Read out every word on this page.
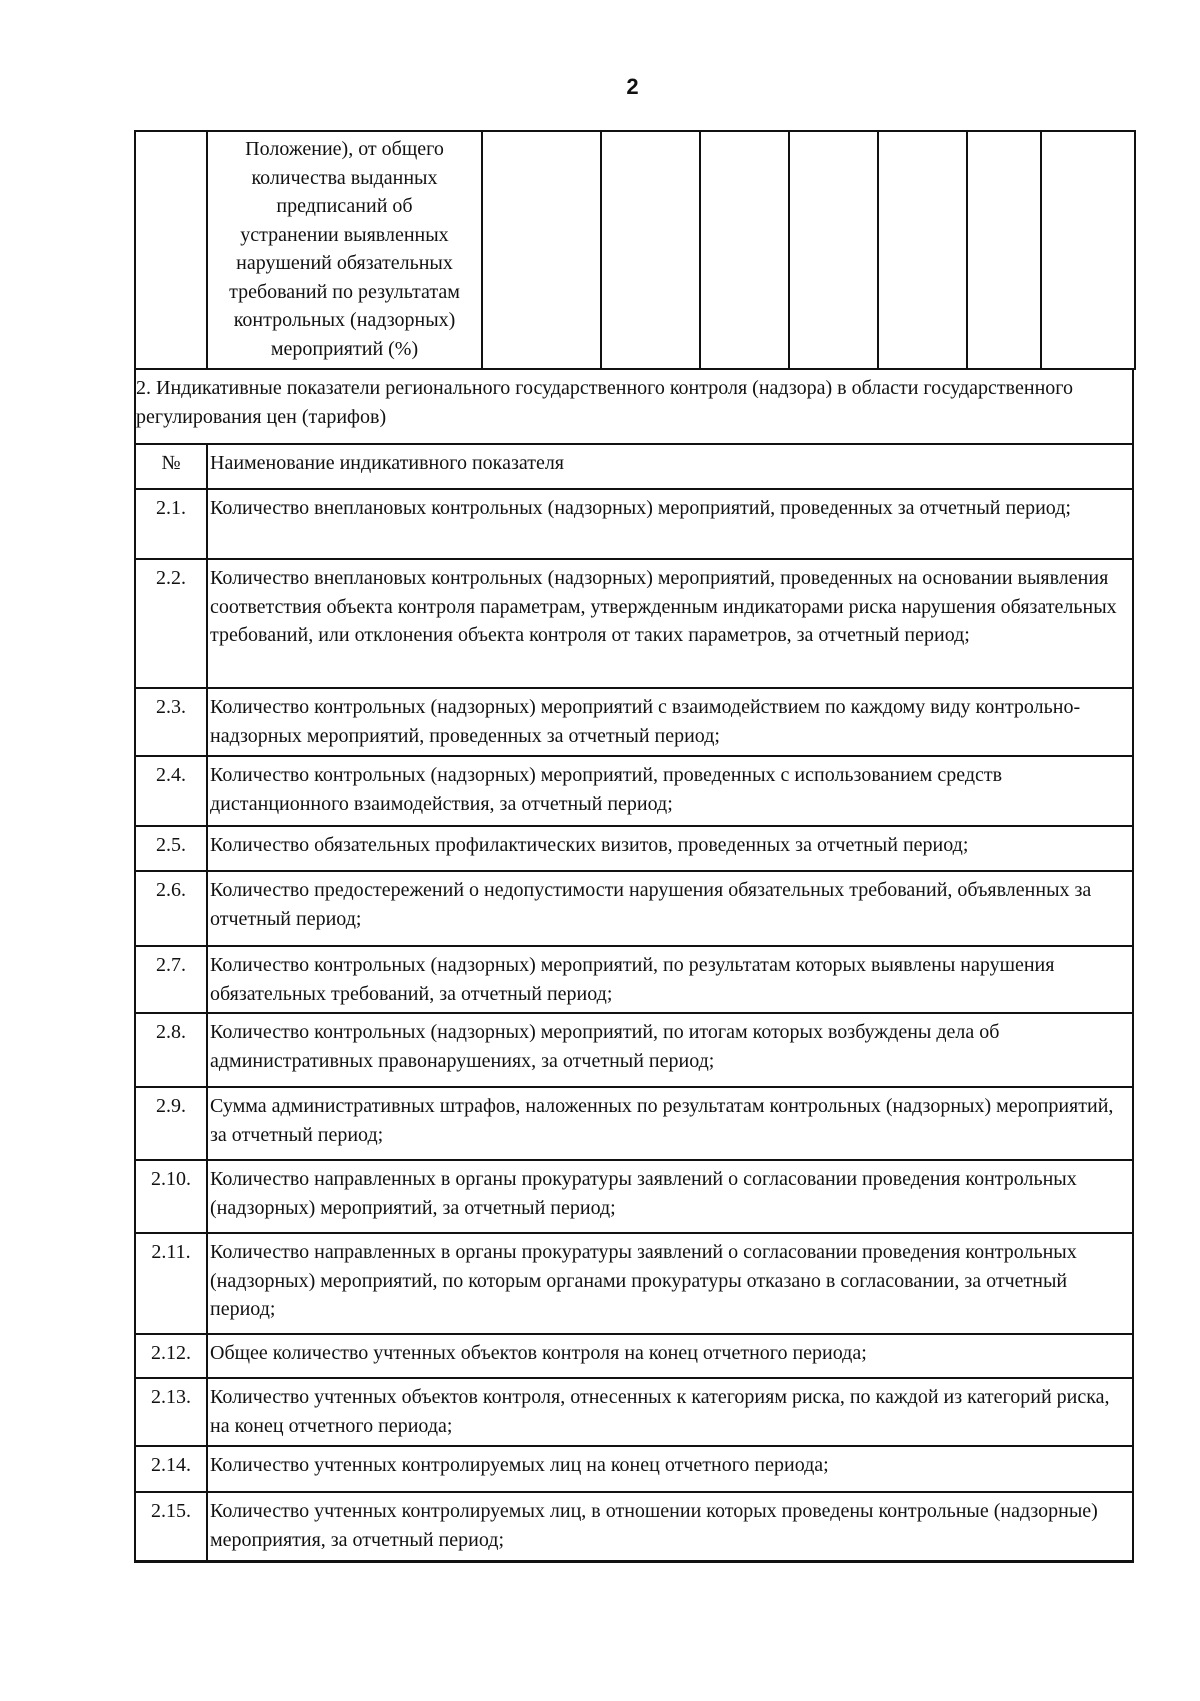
2

Положение), от общего
количества выданных
предписаний об
устранении выявленных
нарушений обязательных
требований по результатам
контрольных (надзорных)
мероприятий (%)

2. Индикативные показатели регионального государственного контроля (надзора) в области государственного регулирования цен (тарифов)
№	Наименование индикативного показателя
2.1.	Количество внеплановых контрольных (надзорных) мероприятий, проведенных за отчетный период;
2.2.	Количество внеплановых контрольных (надзорных) мероприятий, проведенных на основании выявления соответствия объекта контроля параметрам, утвержденным индикаторами риска нарушения обязательных требований, или отклонения объекта контроля от таких параметров, за отчетный период;
2.3.	Количество контрольных (надзорных) мероприятий с взаимодействием по каждому виду контрольно-надзорных мероприятий, проведенных за отчетный период;
2.4.	Количество контрольных (надзорных) мероприятий, проведенных с использованием средств дистанционного взаимодействия, за отчетный период;
2.5.	Количество обязательных профилактических визитов, проведенных за отчетный период;
2.6.	Количество предостережений о недопустимости нарушения обязательных требований, объявленных за отчетный период;
2.7.	Количество контрольных (надзорных) мероприятий, по результатам которых выявлены нарушения обязательных требований, за отчетный период;
2.8.	Количество контрольных (надзорных) мероприятий, по итогам которых возбуждены дела об административных правонарушениях, за отчетный период;
2.9.	Сумма административных штрафов, наложенных по результатам контрольных (надзорных) мероприятий, за отчетный период;
2.10. Количество направленных в органы прокуратуры заявлений о согласовании проведения контрольных (надзорных) мероприятий, за отчетный период;
2.11. Количество направленных в органы прокуратуры заявлений о согласовании проведения контрольных (надзорных) мероприятий, по которым органами прокуратуры отказано в согласовании, за отчетный период;
2.12. Общее количество учтенных объектов контроля на конец отчетного периода;
2.13. Количество учтенных объектов контроля, отнесенных к категориям риска, по каждой из категорий риска, на конец отчетного периода;
2.14. Количество учтенных контролируемых лиц на конец отчетного периода;
2.15. Количество учтенных контролируемых лиц, в отношении которых проведены контрольные (надзорные) мероприятия, за отчетный период;
